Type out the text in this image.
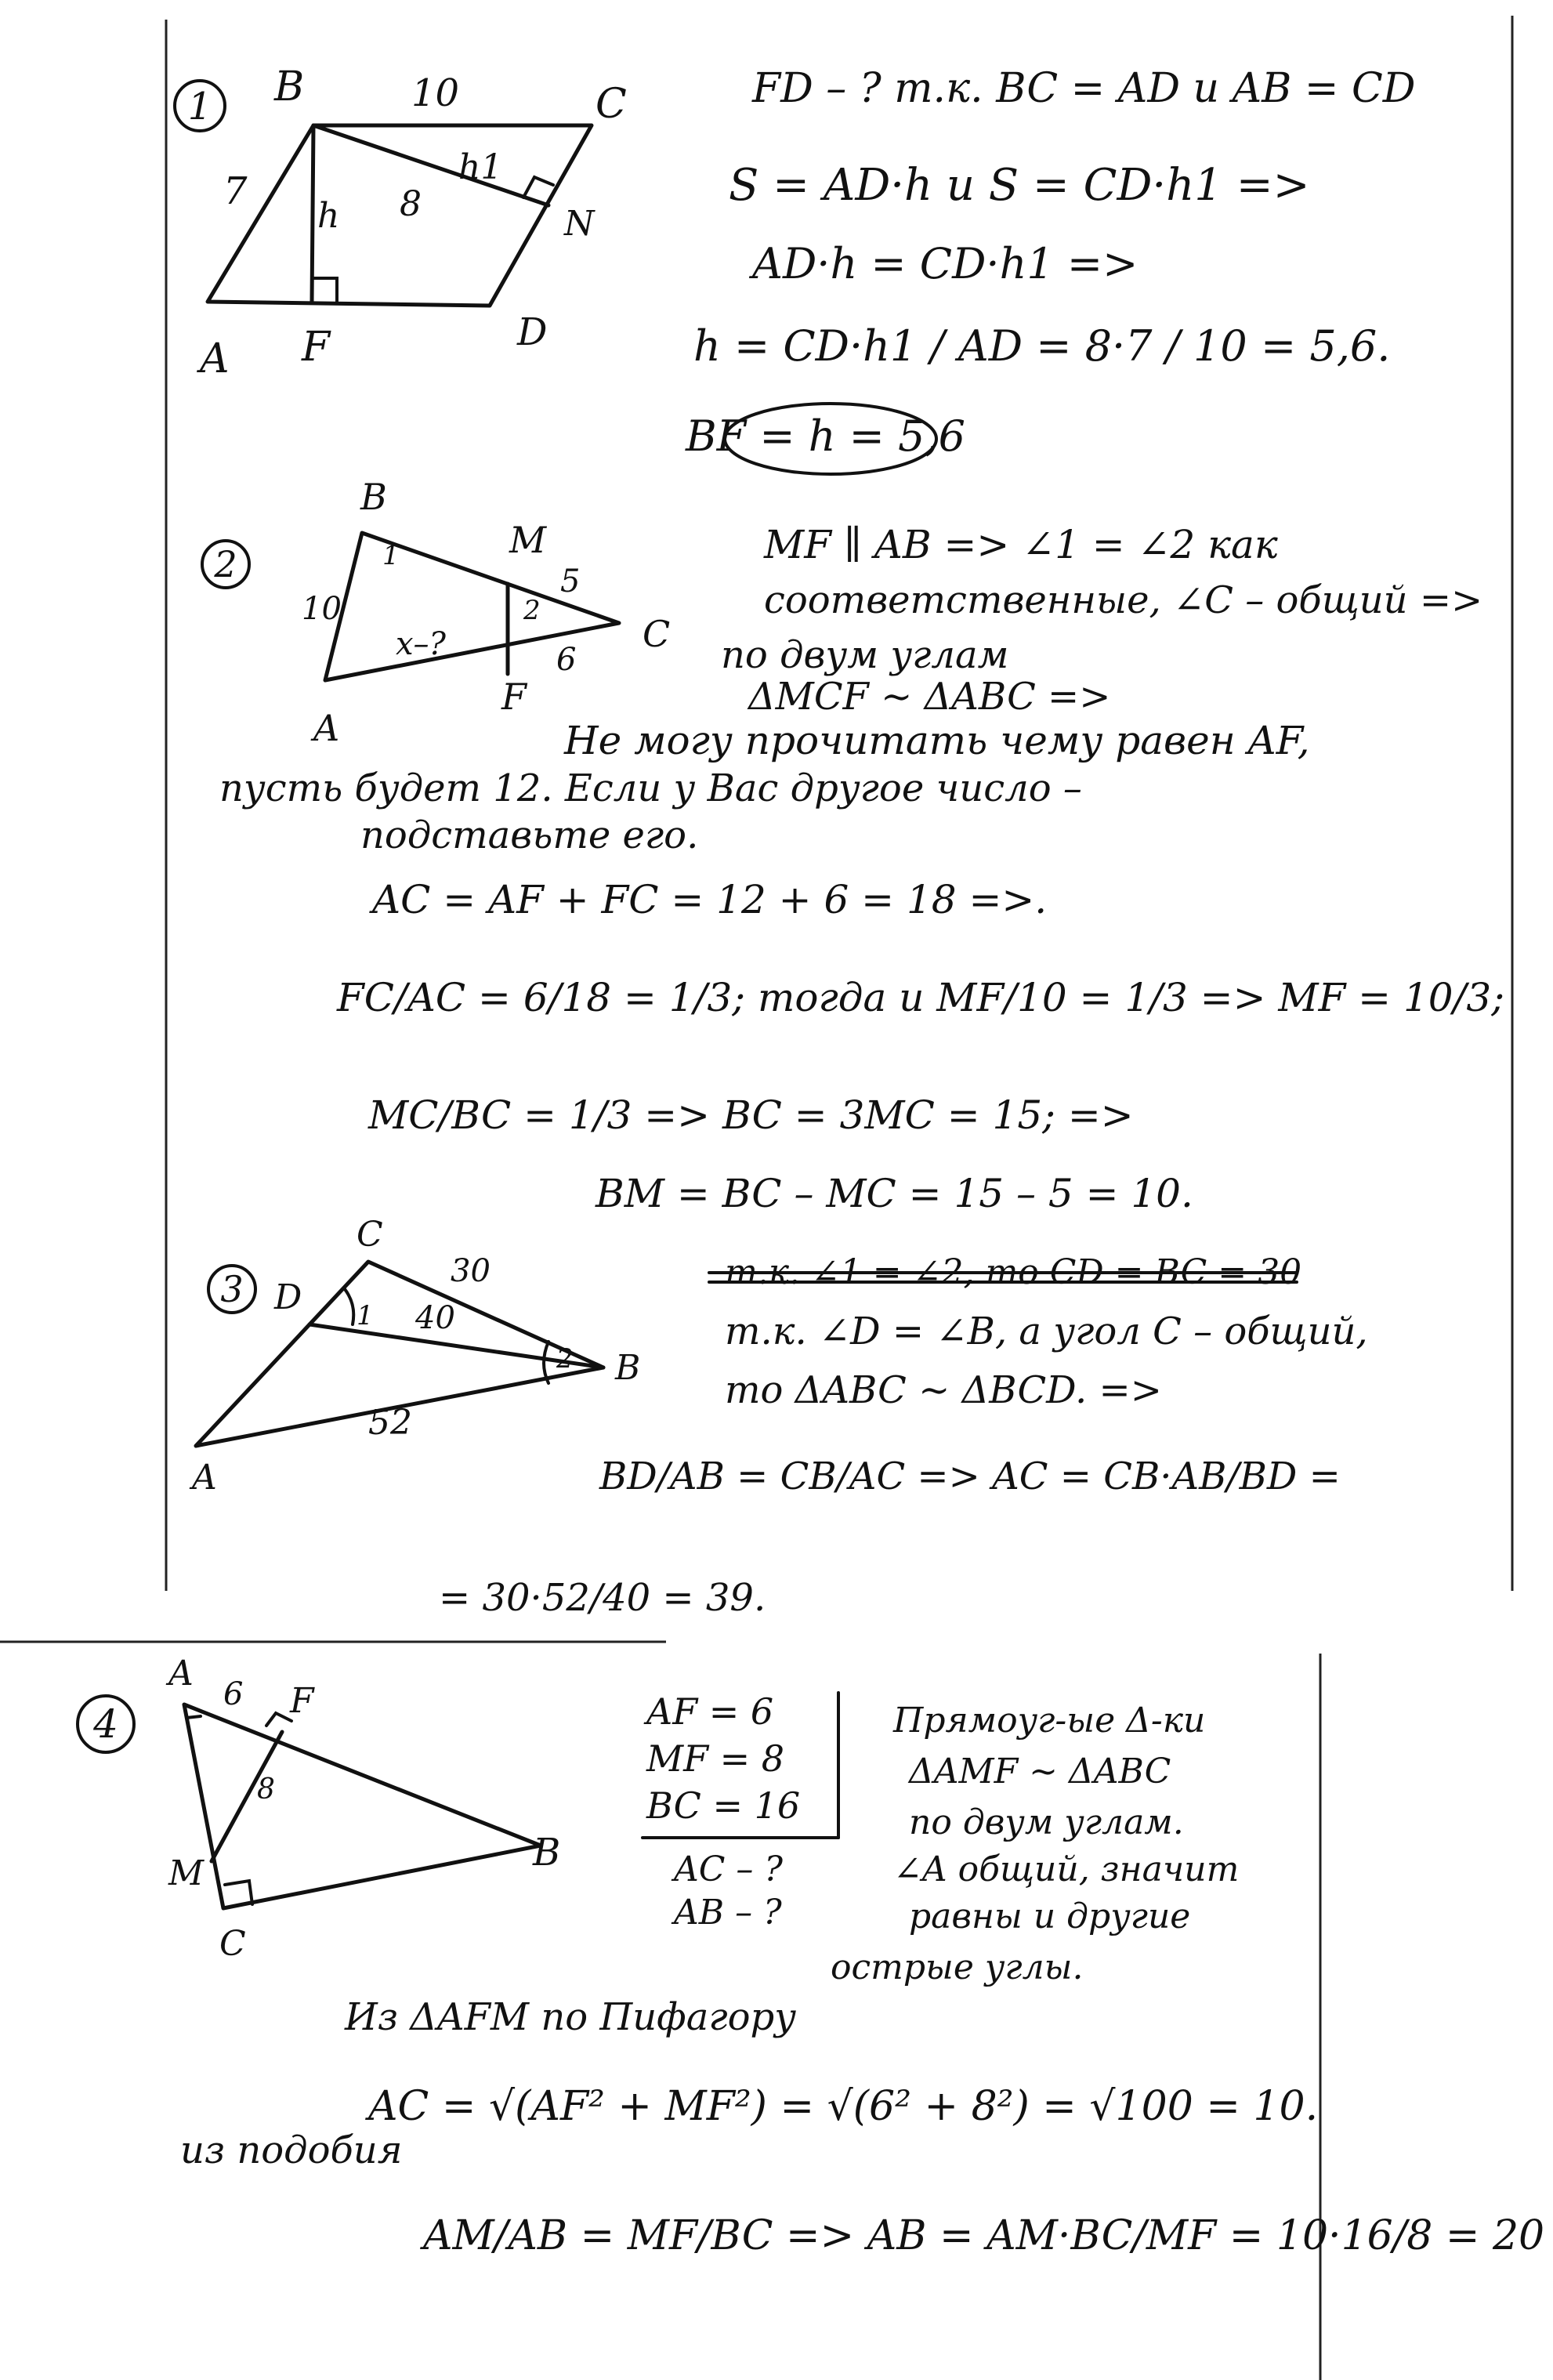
1
A
B	C
D
F
N
7
10
8
h
h1
FD – ? т.к. BC = AD и AB = CD
S = AD·h и S = CD·h1 =>
AD·h = CD·h1 =>
h = CD·h1 / AD = 8·7 / 10 = 5,6.
BF = h = 5,6
2
A
B
C
M
F
10
5
6
x–?
1
2
MF ∥ AB => ∠1 = ∠2 как
соответственные, ∠C – общий =>
по двум углам
ΔMCF ∼ ΔABC =>
Не могу прочитать чему равен AF,
пусть будет 12. Если у Вас другое число –
подставьте его.
AC = AF + FC = 12 + 6 = 18 =>.
FC/AC = 6/18 = 1/3; тогда и MF/10 = 1/3 => MF = 10/3;
MC/BC = 1/3 => BC = 3MC = 15; =>
BM = BC – MC = 15 – 5 = 10.
3
A
B
C
D
30
40
52
1
2
т.к. ∠1 = ∠2, то CD = BC = 30
т.к. ∠D = ∠B, а угол C – общий,
то ΔABC ∼ ΔBCD. =>
BD/AB = CB/AC => AC = CB·AB/BD =
= 30·52/40 = 39.
4
A
B
C
M
F
6
8
AF = 6
MF = 8
BC = 16
AC – ?
AB – ?
Прямоуг-ые Δ-ки
ΔAMF ∼ ΔABC
по двум углам.
∠A общий, значит
равны и другие
острые углы.
Из ΔAFM по Пифагору
AC = √(AF² + MF²) = √(6² + 8²) = √100 = 10.
из подобия
AM/AB = MF/BC => AB = AM·BC/MF = 10·16/8 = 20
